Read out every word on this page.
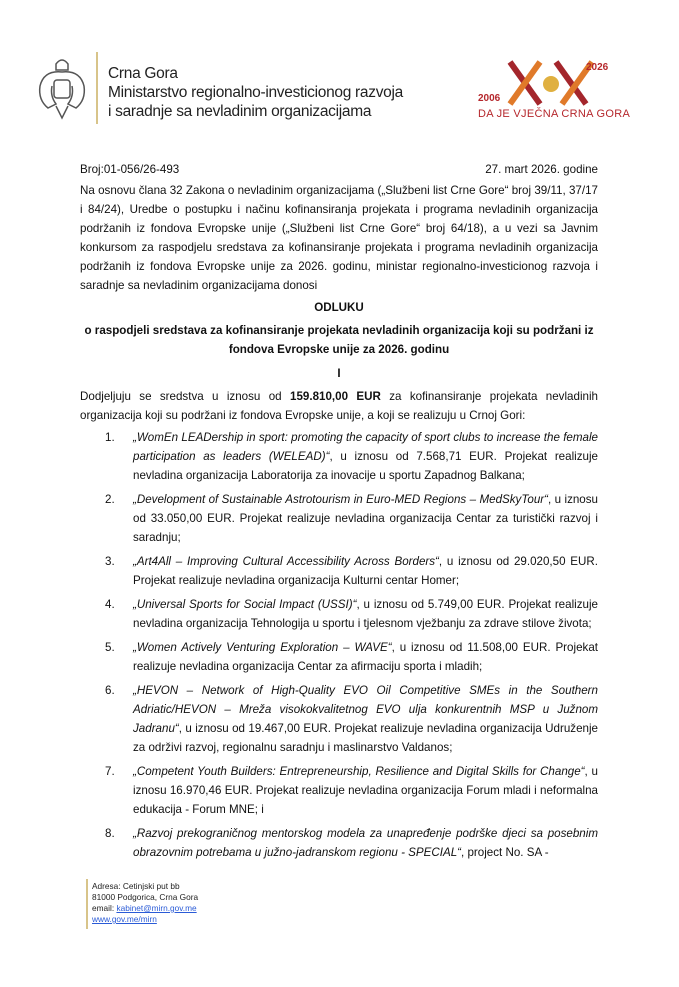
Crna Gora
Ministarstvo regionalno-investicionog razvoja
i saradnje sa nevladinim organizacijama
2006
2026
DA JE VJEČNA CRNA GORA
Broj:01-056/26-493	27. mart 2026. godine
Na osnovu člana 32 Zakona o nevladinim organizacijama („Službeni list Crne Gore“ broj 39/11, 37/17 i 84/24), Uredbe o postupku i načinu kofinansiranja projekata i programa nevladinih organizacija podržanih iz fondova Evropske unije („Službeni list Crne Gore“ broj 64/18), a u vezi sa Javnim konkursom za raspodjelu sredstava za kofinansiranje projekata i programa nevladinih organizacija podržanih iz fondova Evropske unije za 2026. godinu, ministar regionalno-investicionog razvoja i saradnje sa nevladinim organizacijama donosi
ODLUKU
o raspodjeli sredstava za kofinansiranje projekata nevladinih organizacija koji su podržani iz fondova Evropske unije za 2026. godinu
I
Dodjeljuju se sredstva u iznosu od 159.810,00 EUR za kofinansiranje projekata nevladinih organizacija koji su podržani iz fondova Evropske unije, a koji se realizuju u Crnoj Gori:
1.	„WomEn LEADership in sport: promoting the capacity of sport clubs to increase the female participation as leaders (WELEAD)“, u iznosu od 7.568,71 EUR. Projekat realizuje nevladina organizacija Laboratorija za inovacije u sportu Zapadnog Balkana;
2.	„Development of Sustainable Astrotourism in Euro-MED Regions – MedSkyTour“, u iznosu od 33.050,00 EUR. Projekat realizuje nevladina organizacija Centar za turistički razvoj i saradnju;
3.	„Art4All – Improving Cultural Accessibility Across Borders“, u iznosu od 29.020,50 EUR. Projekat realizuje nevladina organizacija Kulturni centar Homer;
4.	„Universal Sports for Social Impact (USSI)“, u iznosu od 5.749,00 EUR. Projekat realizuje nevladina organizacija Tehnologija u sportu i tjelesnom vježbanju za zdrave stilove života;
5.	„Women Actively Venturing Exploration – WAVE“, u iznosu od 11.508,00 EUR. Projekat realizuje nevladina organizacija Centar za afirmaciju sporta i mladih;
6.	„HEVON – Network of High-Quality EVO Oil Competitive SMEs in the Southern Adriatic/HEVON – Mreža visokokvalitetnog EVO ulja konkurentnih MSP u Južnom Jadranu“, u iznosu od 19.467,00 EUR. Projekat realizuje nevladina organizacija Udruženje za održivi razvoj, regionalnu saradnju i maslinarstvo Valdanos;
7.	„Competent Youth Builders: Entrepreneurship, Resilience and Digital Skills for Change“, u iznosu 16.970,46 EUR. Projekat realizuje nevladina organizacija Forum mladi i neformalna edukacija - Forum MNE; i
8.	„Razvoj prekograničnog mentorskog modela za unapređenje podrške djeci sa posebnim obrazovnim potrebama u južno-jadranskom regionu - SPECIAL“, project No. SA -
Adresa: Cetinjski put bb
81000 Podgorica, Crna Gora
email: kabinet@mirn.gov.me
www.gov.me/mirn
